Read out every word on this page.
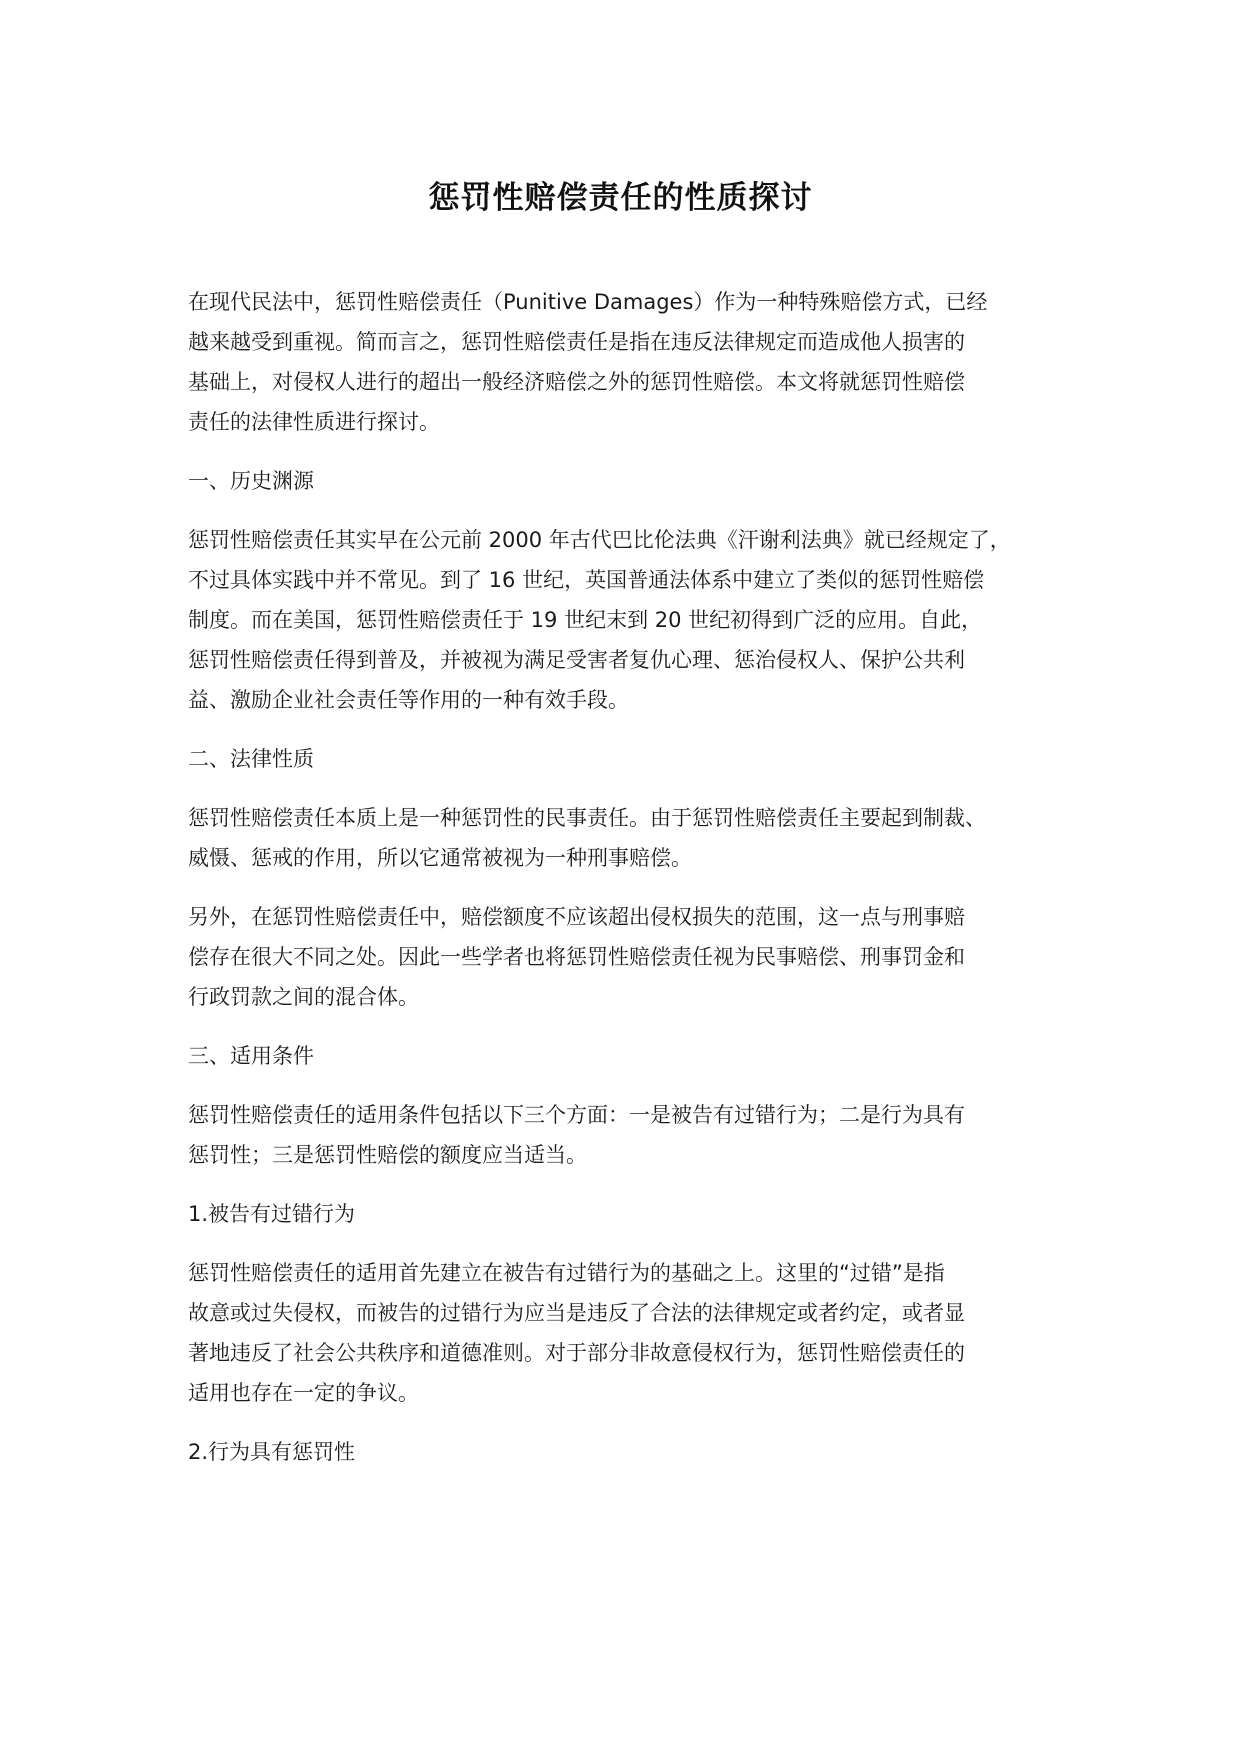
惩罚性赔偿责任的性质探讨

在现代民法中，惩罚性赔偿责任（Punitive Damages）作为一种特殊赔偿方式，已经
越来越受到重视。简而言之，惩罚性赔偿责任是指在违反法律规定而造成他人损害的
基础上，对侵权人进行的超出一般经济赔偿之外的惩罚性赔偿。本文将就惩罚性赔偿
责任的法律性质进行探讨。

一、历史渊源

惩罚性赔偿责任其实早在公元前 2000 年古代巴比伦法典《汗谢利法典》就已经规定了，
不过具体实践中并不常见。到了 16 世纪，英国普通法体系中建立了类似的惩罚性赔偿
制度。而在美国，惩罚性赔偿责任于 19 世纪末到 20 世纪初得到广泛的应用。自此，
惩罚性赔偿责任得到普及，并被视为满足受害者复仇心理、惩治侵权人、保护公共利
益、激励企业社会责任等作用的一种有效手段。

二、法律性质

惩罚性赔偿责任本质上是一种惩罚性的民事责任。由于惩罚性赔偿责任主要起到制裁、
威慑、惩戒的作用，所以它通常被视为一种刑事赔偿。

另外，在惩罚性赔偿责任中，赔偿额度不应该超出侵权损失的范围，这一点与刑事赔
偿存在很大不同之处。因此一些学者也将惩罚性赔偿责任视为民事赔偿、刑事罚金和
行政罚款之间的混合体。

三、适用条件

惩罚性赔偿责任的适用条件包括以下三个方面：一是被告有过错行为；二是行为具有
惩罚性；三是惩罚性赔偿的额度应当适当。

1.被告有过错行为

惩罚性赔偿责任的适用首先建立在被告有过错行为的基础之上。这里的“过错”是指
故意或过失侵权，而被告的过错行为应当是违反了合法的法律规定或者约定，或者显
著地违反了社会公共秩序和道德准则。对于部分非故意侵权行为，惩罚性赔偿责任的
适用也存在一定的争议。

2.行为具有惩罚性
